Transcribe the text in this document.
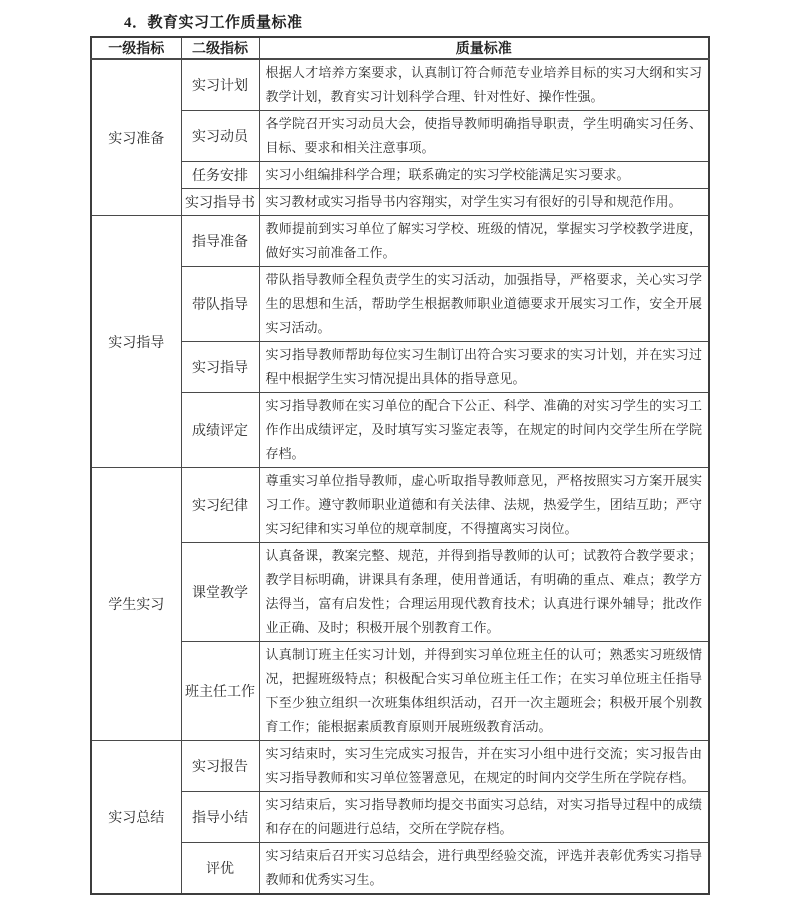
4．教育实习工作质量标准
一级指标	二级指标	质量标准
实习准备	实习计划	根据人才培养方案要求，认真制订符合师范专业培养目标的实习大纲和实习教学计划，教育实习计划科学合理、针对性好、操作性强。
	实习动员	各学院召开实习动员大会，使指导教师明确指导职责，学生明确实习任务、目标、要求和相关注意事项。
	任务安排	实习小组编排科学合理；联系确定的实习学校能满足实习要求。
	实习指导书	实习教材或实习指导书内容翔实，对学生实习有很好的引导和规范作用。
实习指导	指导准备	教师提前到实习单位了解实习学校、班级的情况，掌握实习学校教学进度，做好实习前准备工作。
	带队指导	带队指导教师全程负责学生的实习活动，加强指导，严格要求，关心实习学生的思想和生活，帮助学生根据教师职业道德要求开展实习工作，安全开展实习活动。
	实习指导	实习指导教师帮助每位实习生制订出符合实习要求的实习计划，并在实习过程中根据学生实习情况提出具体的指导意见。
	成绩评定	实习指导教师在实习单位的配合下公正、科学、准确的对实习学生的实习工作作出成绩评定，及时填写实习鉴定表等，在规定的时间内交学生所在学院存档。
学生实习	实习纪律	尊重实习单位指导教师，虚心听取指导教师意见，严格按照实习方案开展实习工作。遵守教师职业道德和有关法律、法规，热爱学生，团结互助；严守实习纪律和实习单位的规章制度，不得擅离实习岗位。
	课堂教学	认真备课，教案完整、规范，并得到指导教师的认可；试教符合教学要求；教学目标明确，讲课具有条理，使用普通话，有明确的重点、难点；教学方法得当，富有启发性；合理运用现代教育技术；认真进行课外辅导；批改作业正确、及时；积极开展个别教育工作。
	班主任工作	认真制订班主任实习计划，并得到实习单位班主任的认可；熟悉实习班级情况，把握班级特点；积极配合实习单位班主任工作；在实习单位班主任指导下至少独立组织一次班集体组织活动，召开一次主题班会；积极开展个别教育工作；能根据素质教育原则开展班级教育活动。
实习总结	实习报告	实习结束时，实习生完成实习报告，并在实习小组中进行交流；实习报告由实习指导教师和实习单位签署意见，在规定的时间内交学生所在学院存档。
	指导小结	实习结束后，实习指导教师均提交书面实习总结，对实习指导过程中的成绩和存在的问题进行总结，交所在学院存档。
	评优	实习结束后召开实习总结会，进行典型经验交流，评选并表彰优秀实习指导教师和优秀实习生。
